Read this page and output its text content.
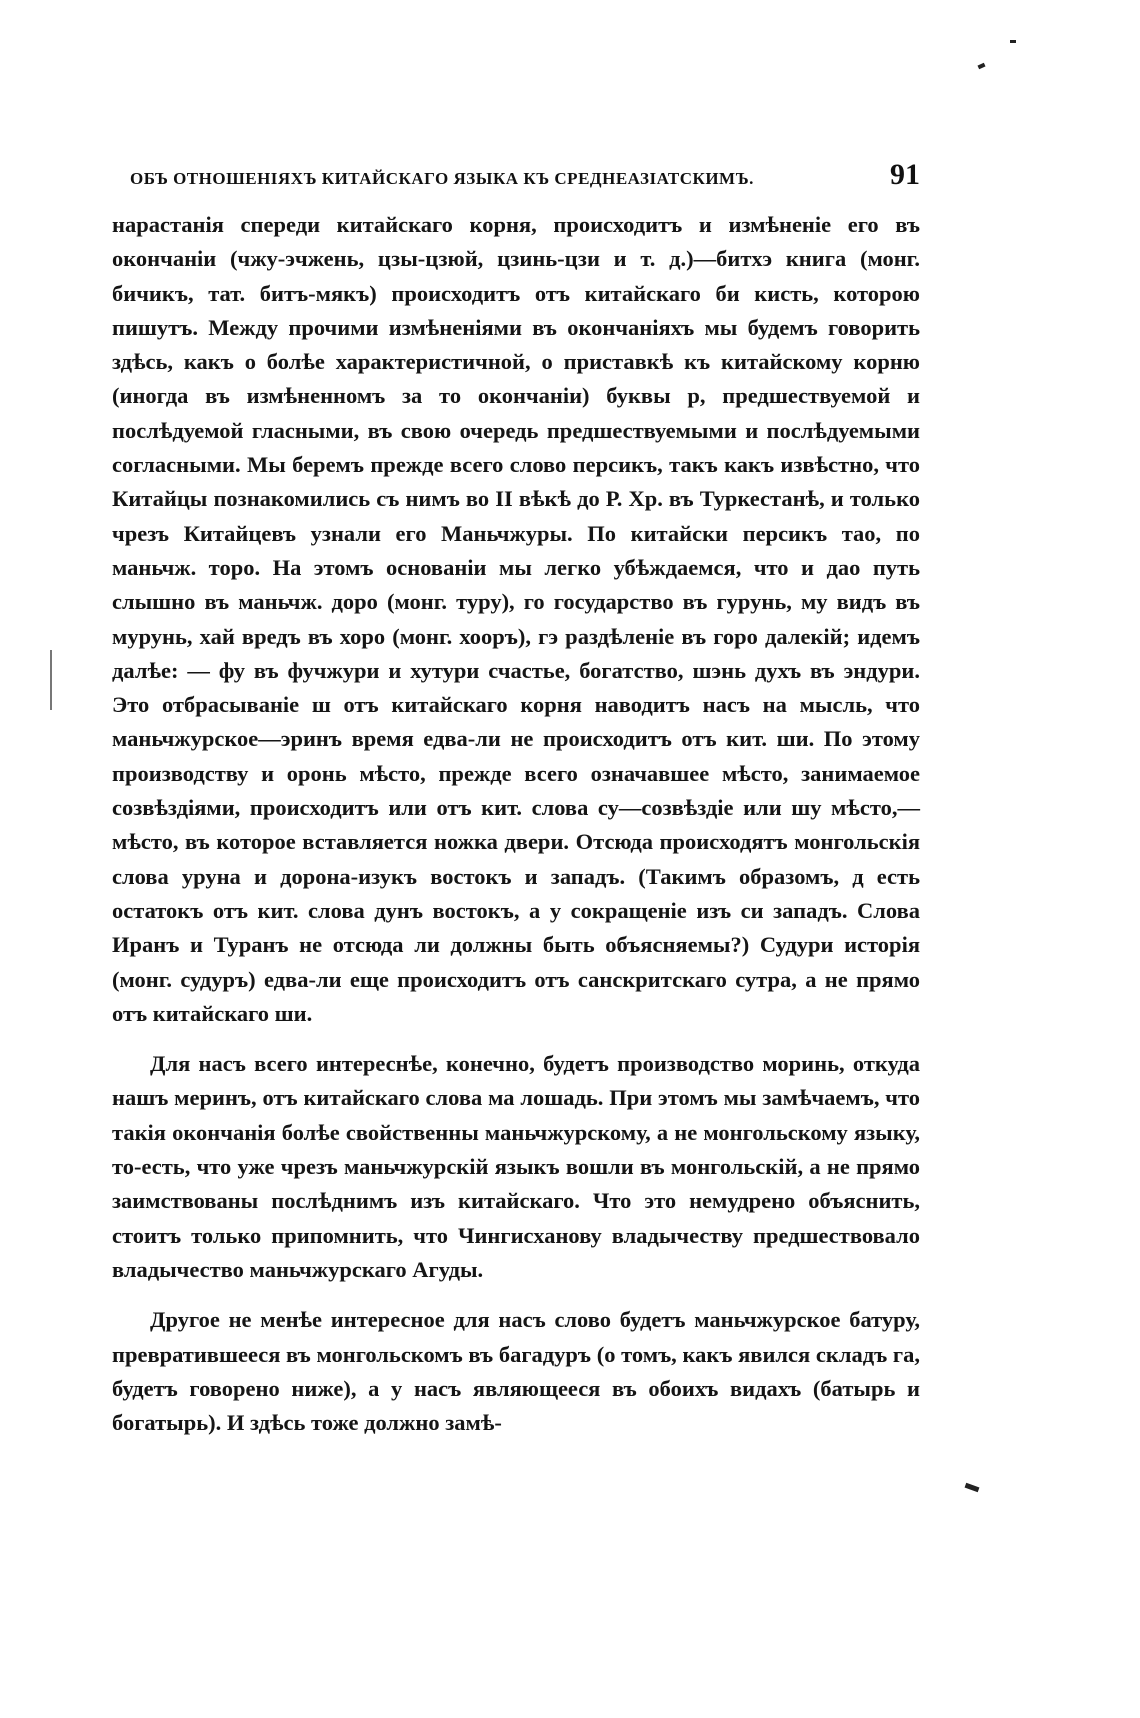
ОБЪ ОТНОШЕНIЯХЪ КИТАЙСКАГО ЯЗЫКА КЪ СРЕДНЕАЗIАТСКИМЪ.	91

нарастанiя спереди китайскаго корня, происходитъ и измѣненiе его въ окончанiи (чжу-эчжень, цзы-цзюй, цзинь-цзи и т. д.)—битхэ книга (монг. бичикъ, тат. битъ-мякъ) происходитъ отъ китайскаго би кисть, которою пишутъ. Между прочими измѣненiями въ окончанiяхъ мы будемъ говорить здѣсь, какъ о болѣе характеристичной, о приставкѣ къ китайскому корню (иногда въ измѣненномъ за то окончанiи) буквы р, предшествуемой и послѣдуемой гласными, въ свою очередь предшествуемыми и послѣдуемыми согласными. Мы беремъ прежде всего слово персикъ, такъ какъ извѣстно, что Китайцы познакомились съ нимъ во II вѣкѣ до Р. Хр. въ Туркестанѣ, и только чрезъ Китайцевъ узнали его Маньчжуры. По китайски персикъ тао, по маньчж. торо. На этомъ основанiи мы легко убѣждаемся, что и дао путь слышно въ маньчж. доро (монг. туру), го государство въ гурунь, му видъ въ мурунь, хай вредъ въ хоро (монг. хооръ), гэ раздѣленiе въ горо далекiй; идемъ далѣе: — фу въ фучжури и хутури счастье, богатство, шэнь духъ въ эндури. Это отбрасыванiе ш отъ китайскаго корня наводитъ насъ на мысль, что маньчжурское—эринъ время едва-ли не происходитъ отъ кит. ши. По этому производству и оронь мѣсто, прежде всего означавшее мѣсто, занимаемое созвѣздiями, происходитъ или отъ кит. слова су—созвѣздiе или шу мѣсто,—мѣсто, въ которое вставляется ножка двери. Отсюда происходятъ монгольскiя слова урунa и дорона-изукъ востокъ и западъ. (Такимъ образомъ, д есть остатокъ отъ кит. слова дунъ востокъ, а у сокращенiе изъ си западъ. Слова Иранъ и Туранъ не отсюда ли должны быть объясняемы?) Судури исторiя (монг. судуръ) едва-ли еще происходитъ отъ санскритскаго сутра, а не прямо отъ китайскаго ши.

Для насъ всего интереснѣе, конечно, будетъ производство моринь, откуда нашъ меринъ, отъ китайскаго слова ма лошадь. При этомъ мы замѣчаемъ, что такiя окончанiя болѣе свойственны маньчжурскому, а не монгольскому языку, то-есть, что уже чрезъ маньчжурскiй языкъ вошли въ монгольскiй, а не прямо заимствованы послѣднимъ изъ китайскаго. Что это немудрено объяснить, стоитъ только припомнить, что Чингисханову владычеству предшествовало владычество маньчжурскаго Агуды.

Другое не менѣе интересное для насъ слово будетъ маньчжурское батуру, превратившееся въ монгольскомъ въ багадуръ (о томъ, какъ явился складъ га, будетъ говорено ниже), а у насъ являющееся въ обоихъ видахъ (батырь и богатырь). И здѣсь тоже должно замѣ-
